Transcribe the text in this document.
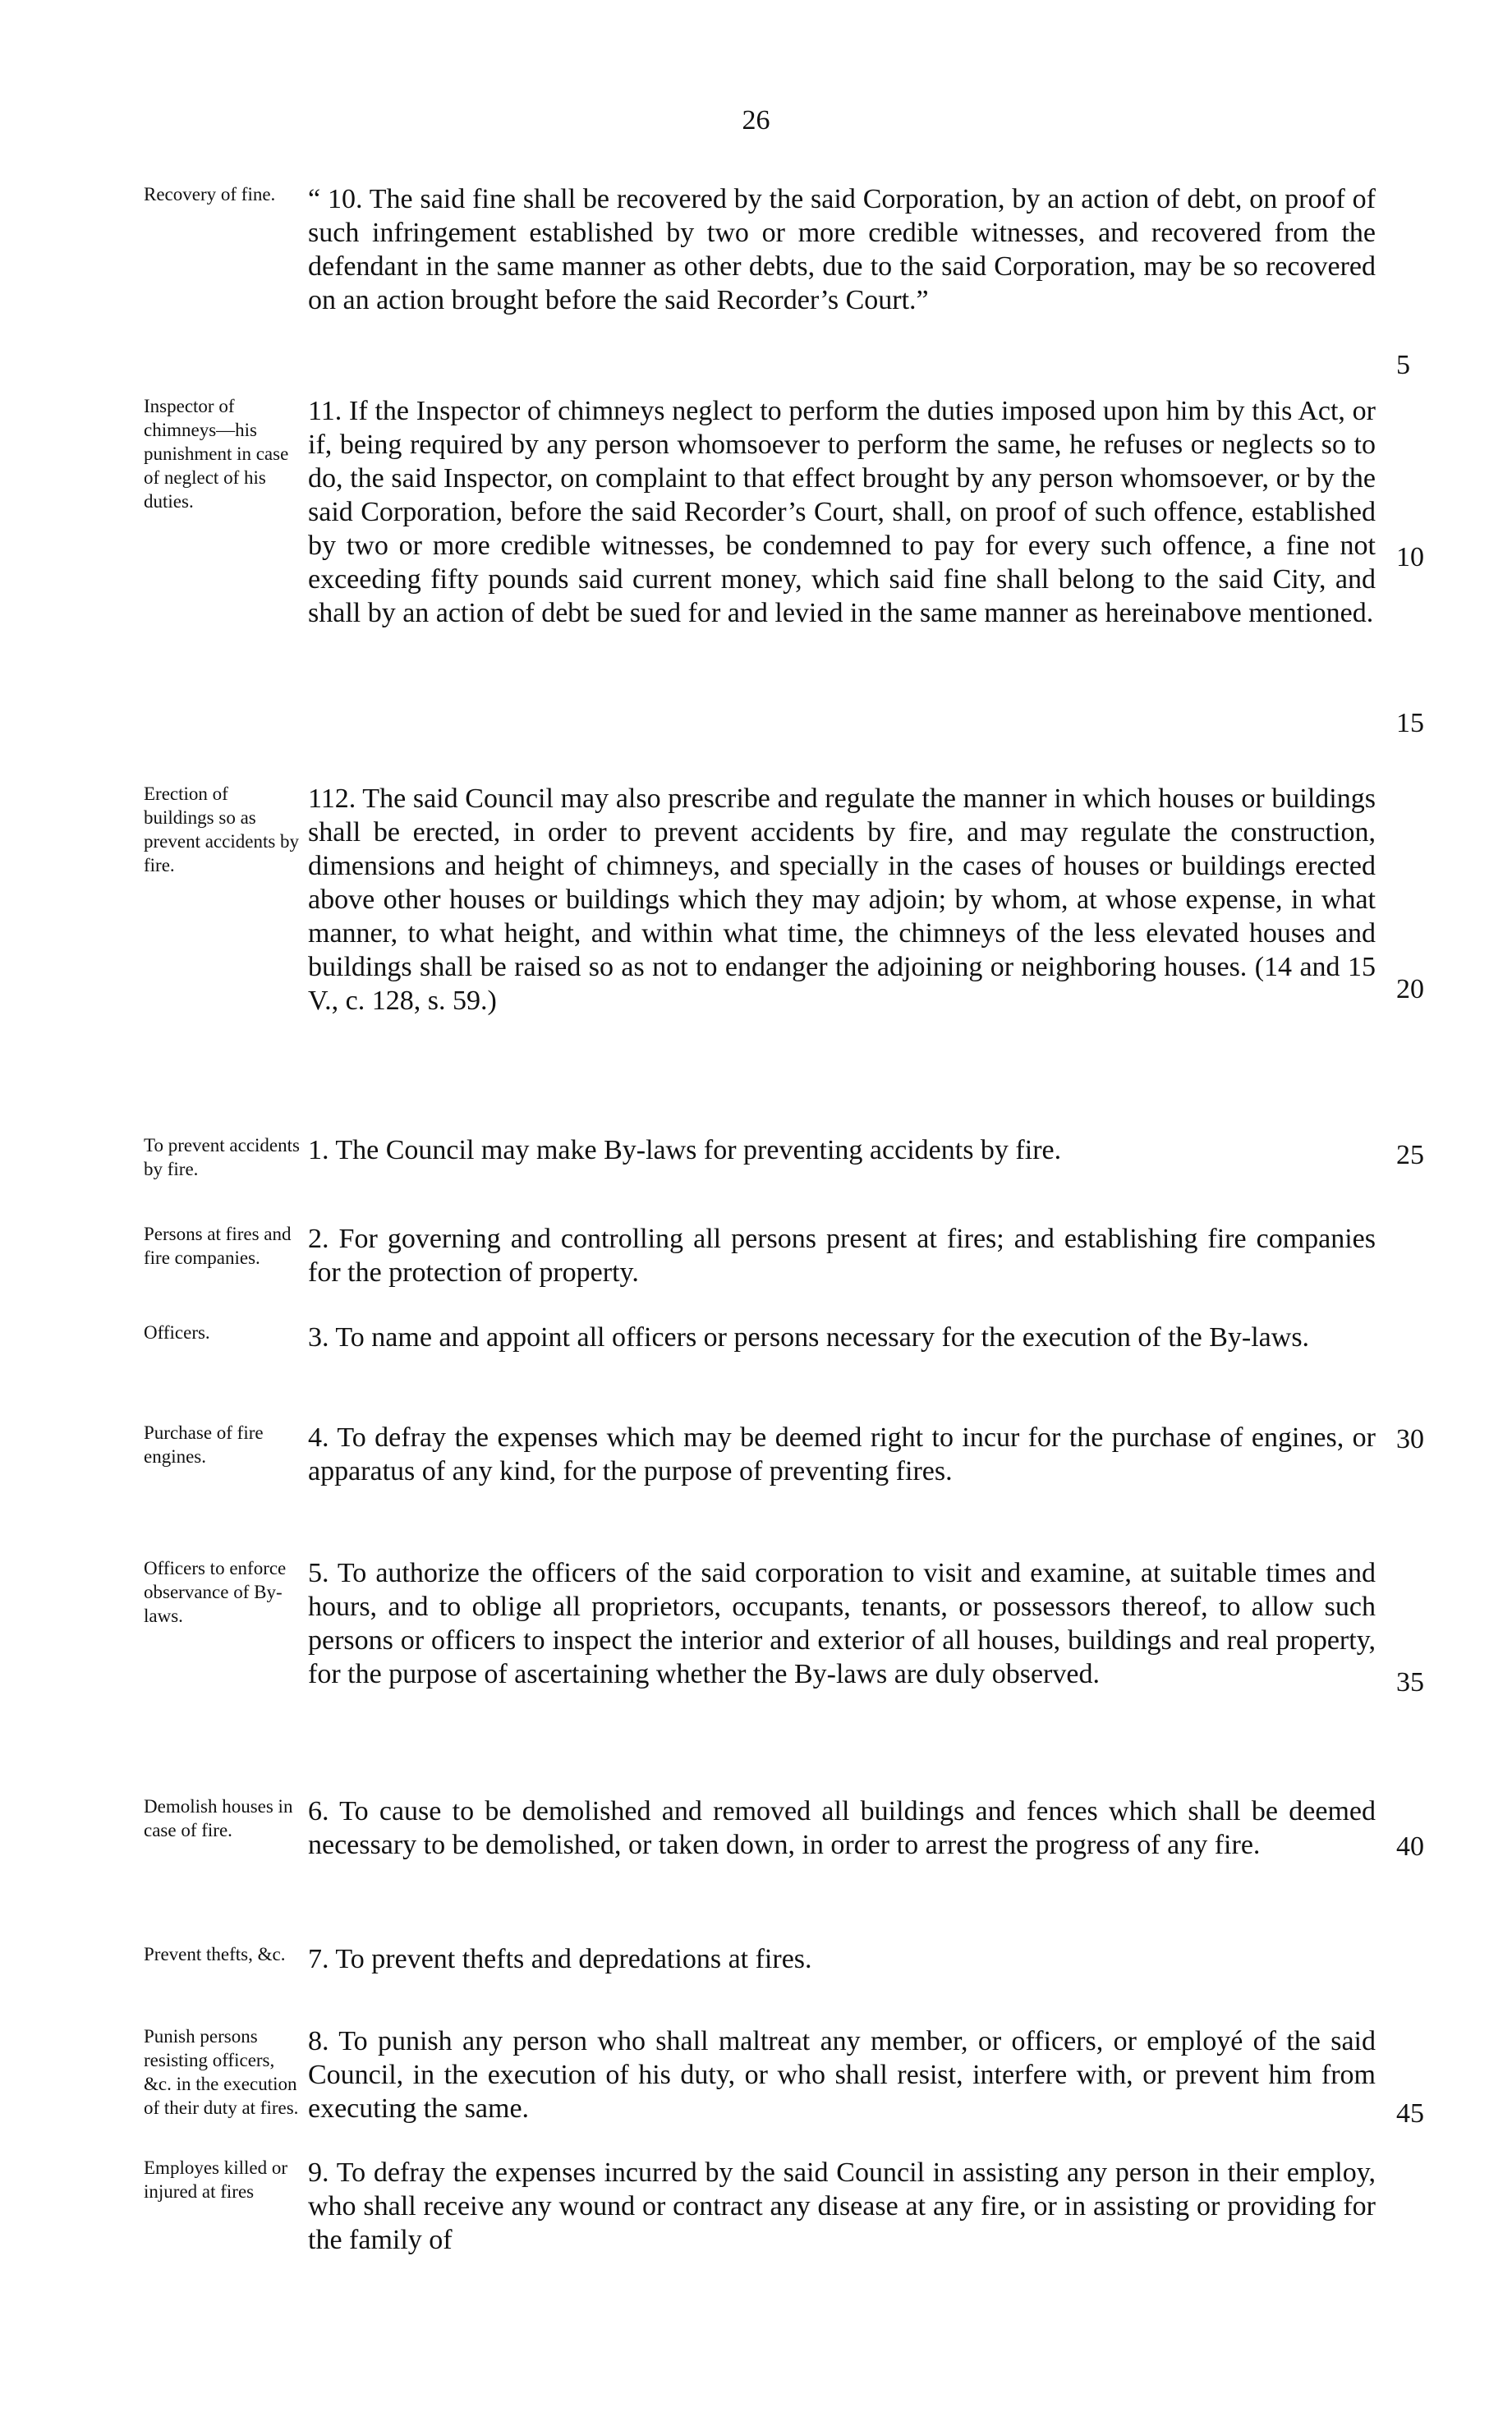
26
Recovery of fine.	“ 10. The said fine shall be recovered by the said Corporation, by an action of debt, on proof of such infringement established by two or more credible witnesses, and recovered from the defendant in the same manner as other debts, due to the said Corporation, may be so recovered on an action brought before the said Recorder’s Court.”
Inspector of chimneys—his punishment in case of neglect of his duties.
11. If the Inspector of chimneys neglect to perform the duties imposed upon him by this Act, or if, being required by any person whomsoever to perform the same, he refuses or neglects so to do, the said Inspector, on complaint to that effect brought by any person whomsoever, or by the said Corporation, before the said Recorder’s Court, shall, on proof of such offence, established by two or more credible witnesses, be condemned to pay for every such offence, a fine not exceeding fifty pounds said current money, which said fine shall belong to the said City, and shall by an action of debt be sued for and levied in the same manner as hereinabove mentioned.
Erection of buildings so as prevent accidents by fire.
112. The said Council may also prescribe and regulate the manner in which houses or buildings shall be erected, in order to prevent accidents by fire, and may regulate the construction, dimensions and height of chimneys, and specially in the cases of houses or buildings erected above other houses or buildings which they may adjoin; by whom, at whose expense, in what manner, to what height, and within what time, the chimneys of the less elevated houses and buildings shall be raised so as not to endanger the adjoining or neighboring houses. (14 and 15 V., c. 128, s. 59.)
To prevent accidents by fire.
1. The Council may make By-laws for preventing accidents by fire.
Persons at fires and fire companies.
2. For governing and controlling all persons present at fires; and establishing fire companies for the protection of property.
Officers.	3. To name and appoint all officers or persons necessary for the execution of the By-laws.
Purchase of fire engines.
4. To defray the expenses which may be deemed right to incur for the purchase of engines, or apparatus of any kind, for the purpose of preventing fires.
Officers to enforce observance of By-laws.
5. To authorize the officers of the said corporation to visit and examine, at suitable times and hours, and to oblige all proprietors, occupants, tenants, or possessors thereof, to allow such persons or officers to inspect the interior and exterior of all houses, buildings and real property, for the purpose of ascertaining whether the By-laws are duly observed.
Demolish houses in case of fire.
6. To cause to be demolished and removed all buildings and fences which shall be deemed necessary to be demolished, or taken down, in order to arrest the progress of any fire.
Prevent thefts, &c. 7. To prevent thefts and depredations at fires.
Punish persons resisting officers, &c. in the execution of their duty at fires.
8. To punish any person who shall maltreat any member, or officers, or employé of the said Council, in the execution of his duty, or who shall resist, interfere with, or prevent him from executing the same.
Employes killed or injured at fires
9. To defray the expenses incurred by the said Council in assisting any person in their employ, who shall receive any wound or contract any disease at any fire, or in assisting or providing for the family of
5
10
15
20
25
30
35
40
45
